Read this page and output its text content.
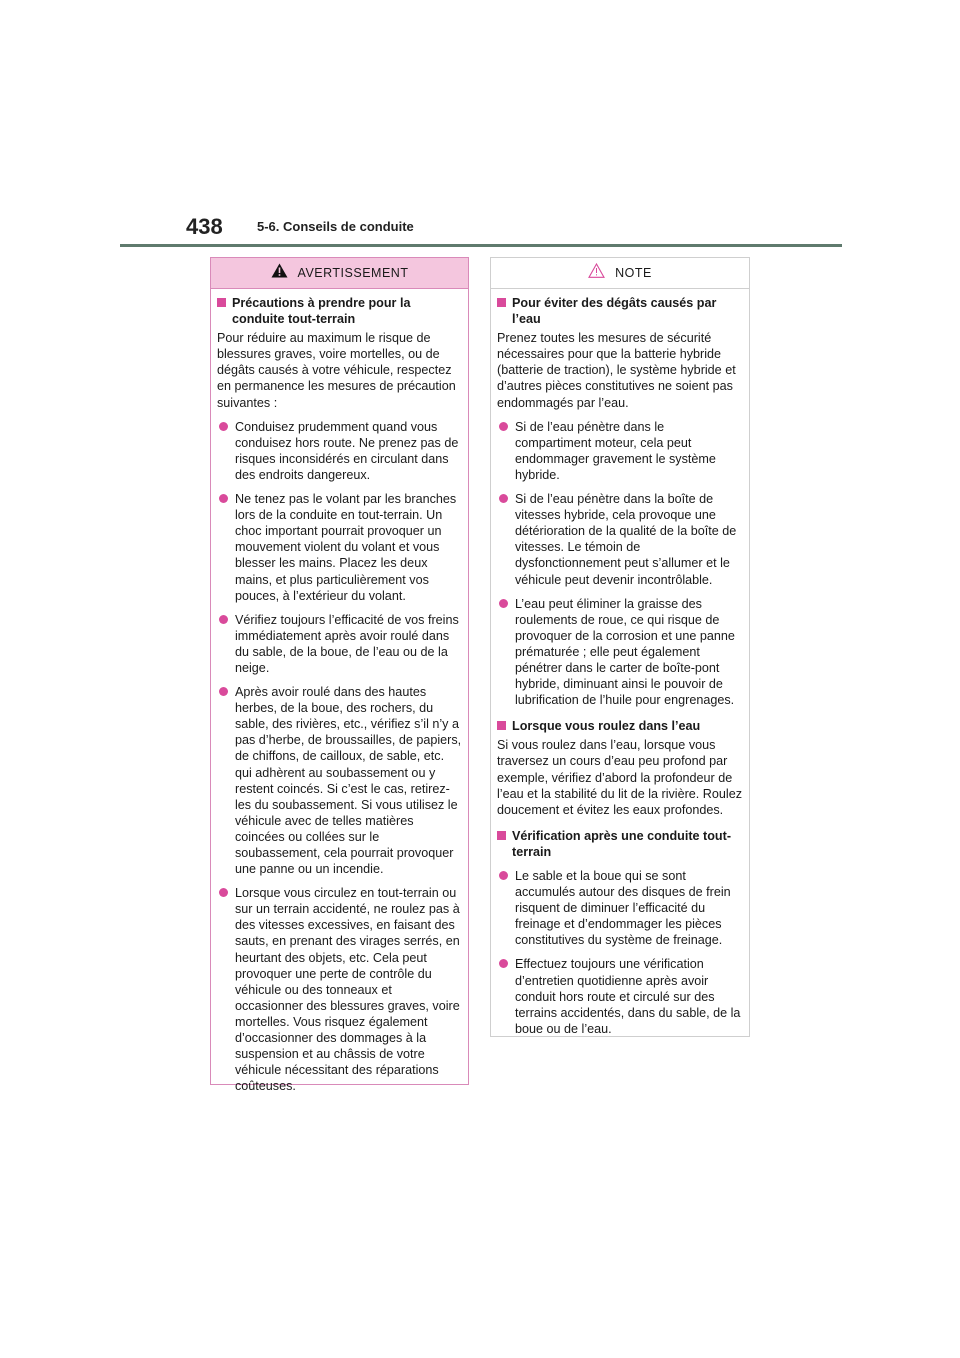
438	5-6. Conseils de conduite
AVERTISSEMENT
Précautions à prendre pour la conduite tout-terrain

Pour réduire au maximum le risque de blessures graves, voire mortelles, ou de dégâts causés à votre véhicule, respectez en permanence les mesures de précaution suivantes :

Conduisez prudemment quand vous conduisez hors route. Ne prenez pas de risques inconsidérés en circulant dans des endroits dangereux.
Ne tenez pas le volant par les branches lors de la conduite en tout-terrain. Un choc important pourrait provoquer un mouvement violent du volant et vous blesser les mains. Placez les deux mains, et plus particulièrement vos pouces, à l’extérieur du volant.
Vérifiez toujours l’efficacité de vos freins immédiatement après avoir roulé dans du sable, de la boue, de l’eau ou de la neige.
Après avoir roulé dans des hautes herbes, de la boue, des rochers, du sable, des rivières, etc., vérifiez s’il n’y a pas d’herbe, de broussailles, de papiers, de chiffons, de cailloux, de sable, etc. qui adhèrent au soubassement ou y restent coincés. Si c’est le cas, retirez-les du soubassement. Si vous utilisez le véhicule avec de telles matières coincées ou collées sur le soubassement, cela pourrait provoquer une panne ou un incendie.
Lorsque vous circulez en tout-terrain ou sur un terrain accidenté, ne roulez pas à des vitesses excessives, en faisant des sauts, en prenant des virages serrés, en heurtant des objets, etc. Cela peut provoquer une perte de contrôle du véhicule ou des tonneaux et occasionner des blessures graves, voire mortelles. Vous risquez également d’occasionner des dommages à la suspension et au châssis de votre véhicule nécessitant des réparations coûteuses.
NOTE
Pour éviter des dégâts causés par l’eau

Prenez toutes les mesures de sécurité nécessaires pour que la batterie hybride (batterie de traction), le système hybride et d’autres pièces constitutives ne soient pas endommagés par l’eau.

Si de l’eau pénètre dans le compartiment moteur, cela peut endommager gravement le système hybride.
Si de l’eau pénètre dans la boîte de vitesses hybride, cela provoque une détérioration de la qualité de la boîte de vitesses. Le témoin de dysfonctionnement peut s’allumer et le véhicule peut devenir incontrôlable.
L’eau peut éliminer la graisse des roulements de roue, ce qui risque de provoquer de la corrosion et une panne prématurée ; elle peut également pénétrer dans le carter de boîte-pont hybride, diminuant ainsi le pouvoir de lubrification de l’huile pour engrenages.
Lorsque vous roulez dans l’eau

Si vous roulez dans l’eau, lorsque vous traversez un cours d’eau peu profond par exemple, vérifiez d’abord la profondeur de l’eau et la stabilité du lit de la rivière. Roulez doucement et évitez les eaux profondes.

Vérification après une conduite tout-terrain
Le sable et la boue qui se sont accumulés autour des disques de frein risquent de diminuer l’efficacité du freinage et d’endommager les pièces constitutives du système de freinage.
Effectuez toujours une vérification d’entretien quotidienne après avoir conduit hors route et circulé sur des terrains accidentés, dans du sable, de la boue ou de l’eau.
